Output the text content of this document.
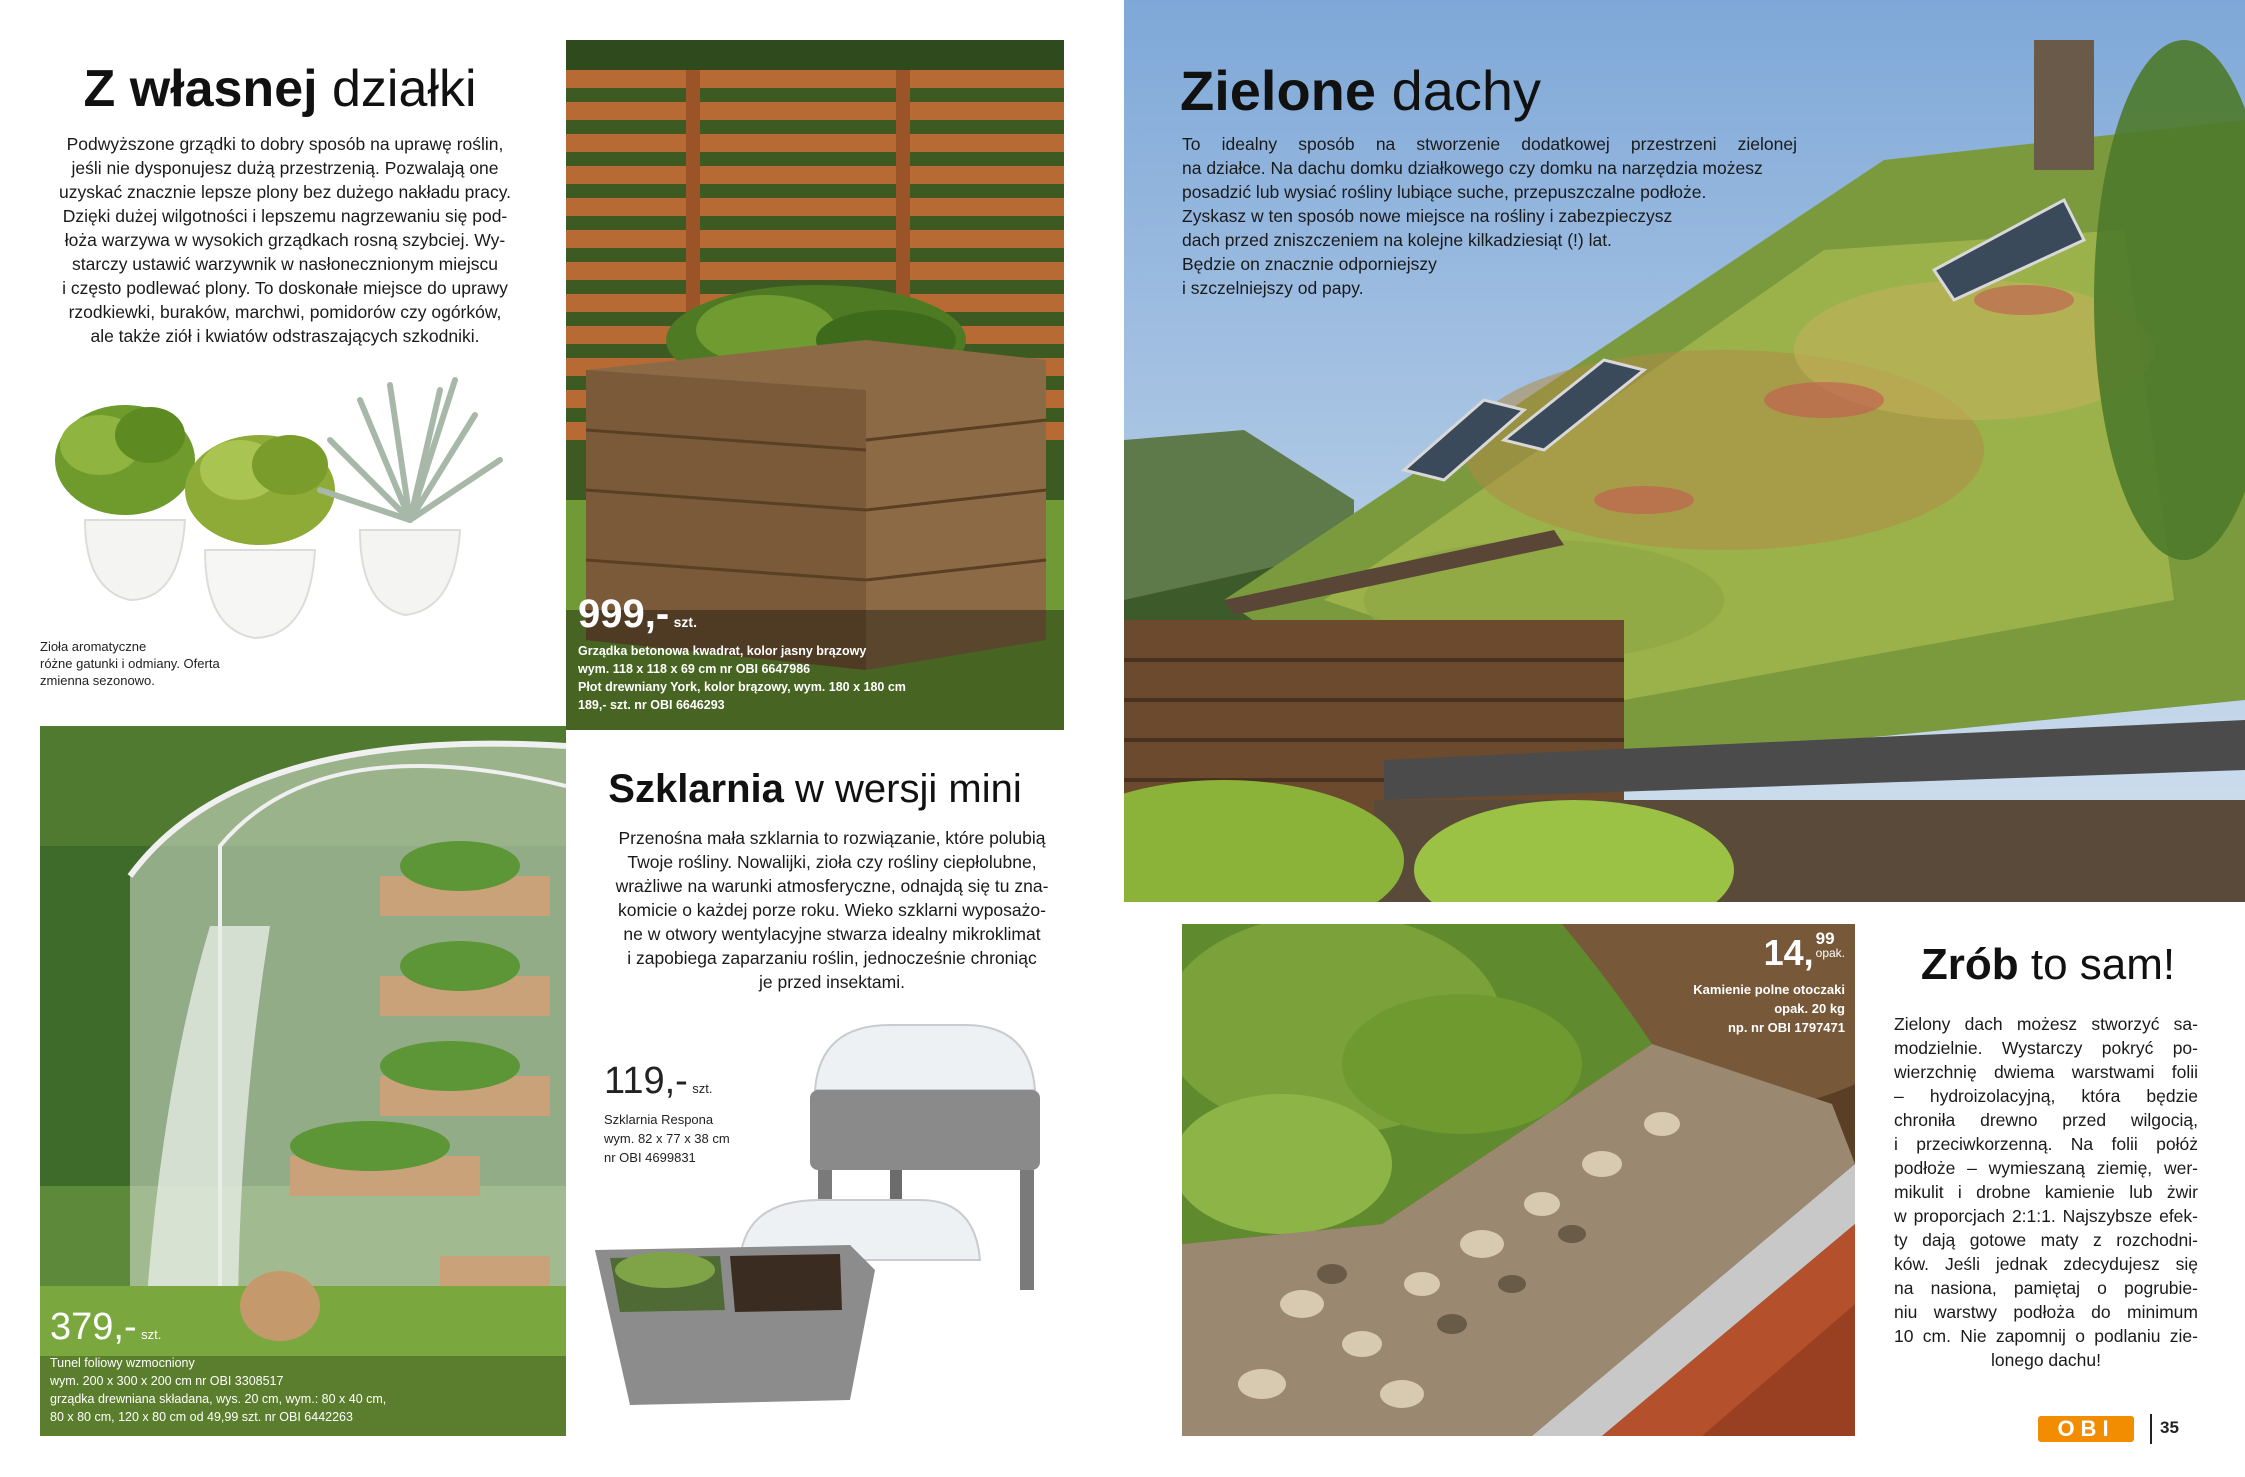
Z własnej działki
Podwyższone grządki to dobry sposób na uprawę roślin,
jeśli nie dysponujesz dużą przestrzenią. Pozwalają one
uzyskać znacznie lepsze plony bez dużego nakładu pracy.
Dzięki dużej wilgotności i lepszemu nagrzewaniu się pod-
łoża warzywa w wysokich grządkach rosną szybciej. Wy-
starczy ustawić warzywnik w nasłonecznionym miejscu
i często podlewać plony. To doskonałe miejsce do uprawy
rzodkiewki, buraków, marchwi, pomidorów czy ogórków,
ale także ziół i kwiatów odstraszających szkodniki.
Zioła aromatyczne
różne gatunki i odmiany. Oferta
zmienna sezonowo.
999,- szt.
Grządka betonowa kwadrat, kolor jasny brązowy
wym. 118 x 118 x 69 cm nr OBI 6647986
Płot drewniany York, kolor brązowy, wym. 180 x 180 cm
189,- szt. nr OBI 6646293
379,- szt.
Tunel foliowy wzmocniony
wym. 200 x 300 x 200 cm nr OBI 3308517
grządka drewniana składana, wys. 20 cm, wym.: 80 x 40 cm,
80 x 80 cm, 120 x 80 cm od 49,99 szt. nr OBI 6442263
Szklarnia w wersji mini
Przenośna mała szklarnia to rozwiązanie, które polubią
Twoje rośliny. Nowalijki, zioła czy rośliny ciepłolubne,
wrażliwe na warunki atmosferyczne, odnajdą się tu zna-
komicie o każdej porze roku. Wieko szklarni wyposażo-
ne w otwory wentylacyjne stwarza idealny mikroklimat
i zapobiega zaparzaniu roślin, jednocześnie chroniąc
je przed insektami.
119,- szt.
Szklarnia Respona
wym. 82 x 77 x 38 cm
nr OBI 4699831
Zielone dachy
To idealny sposób na stworzenie dodatkowej przestrzeni zielonej
na działce. Na dachu domku działkowego czy domku na narzędzia możesz
posadzić lub wysiać rośliny lubiące suche, przepuszczalne podłoże.
Zyskasz w ten sposób nowe miejsce na rośliny i zabezpieczysz
dach przed zniszczeniem na kolejne kilkadziesiąt (!) lat.
Będzie on znacznie odporniejszy
i szczelniejszy od papy.
14, 99
opak.
Kamienie polne otoczaki
opak. 20 kg
np. nr OBI 1797471
Zrób to sam!
Zielony dach możesz stworzyć sa-
modzielnie. Wystarczy pokryć po-
wierzchnię dwiema warstwami folii
– hydroizolacyjną, która będzie
chroniła drewno przed wilgocią,
i przeciwkorzenną. Na folii połóż
podłoże – wymieszaną ziemię, wer-
mikulit i drobne kamienie lub żwir
w proporcjach 2:1:1. Najszybsze efek-
ty dają gotowe maty z rozchodni-
ków. Jeśli jednak zdecydujesz się
na nasiona, pamiętaj o pogrubie-
niu warstwy podłoża do minimum
10 cm. Nie zapomnij o podlaniu zie-
lonego dachu!
OBI	35
